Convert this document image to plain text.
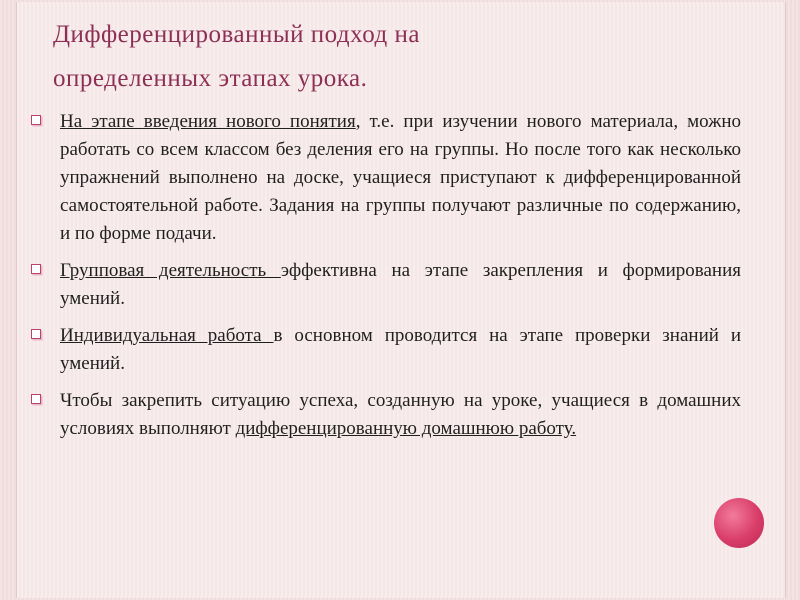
Дифференцированный подход на
определенных этапах урока.
На этапе введения нового понятия, т.е. при изучении нового материала, можно работать со всем классом без деления его на группы. Но после того как несколько упражнений выполнено на доске, учащиеся приступают к дифференцированной самостоятельной работе. Задания на группы получают различные по содержанию, и по форме подачи.
Групповая деятельность эффективна на этапе закрепления и формирования умений.
Индивидуальная работа в основном проводится на этапе проверки знаний и умений.
Чтобы закрепить ситуацию успеха, созданную на уроке, учащиеся в домашних условиях выполняют дифференцированную домашнюю работу.
